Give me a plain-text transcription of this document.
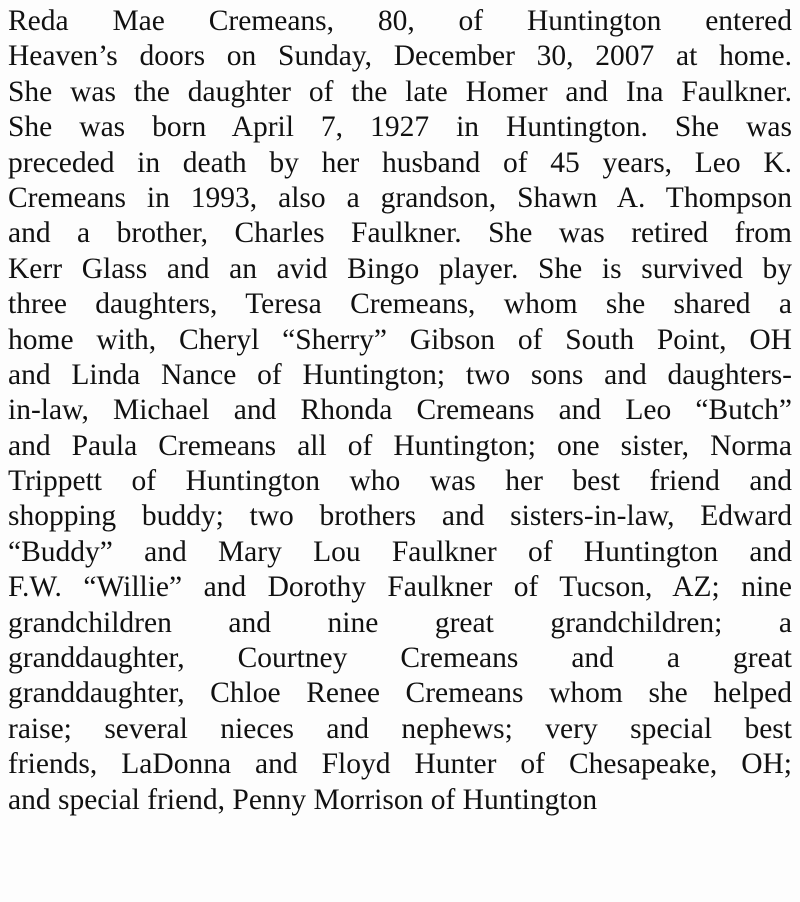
Reda Mae Cremeans, 80, of Huntington entered
Heaven’s doors on Sunday, December 30, 2007 at home.
She was the daughter of the late Homer and Ina Faulkner.
She was born April 7, 1927 in Huntington. She was
preceded in death by her husband of 45 years, Leo K.
Cremeans in 1993, also a grandson, Shawn A. Thompson
and a brother, Charles Faulkner. She was retired from
Kerr Glass and an avid Bingo player. She is survived by
three daughters, Teresa Cremeans, whom she shared a
home with, Cheryl “Sherry” Gibson of South Point, OH
and Linda Nance of Huntington; two sons and daughters-
in-law, Michael and Rhonda Cremeans and Leo “Butch”
and Paula Cremeans all of Huntington; one sister, Norma
Trippett of Huntington who was her best friend and
shopping buddy; two brothers and sisters-in-law, Edward
“Buddy” and Mary Lou Faulkner of Huntington and
F.W. “Willie” and Dorothy Faulkner of Tucson, AZ; nine
grandchildren and nine great grandchildren; a
granddaughter, Courtney Cremeans and a great
granddaughter, Chloe Renee Cremeans whom she helped
raise; several nieces and nephews; very special best
friends, LaDonna and Floyd Hunter of Chesapeake, OH;
and special friend, Penny Morrison of Huntington
